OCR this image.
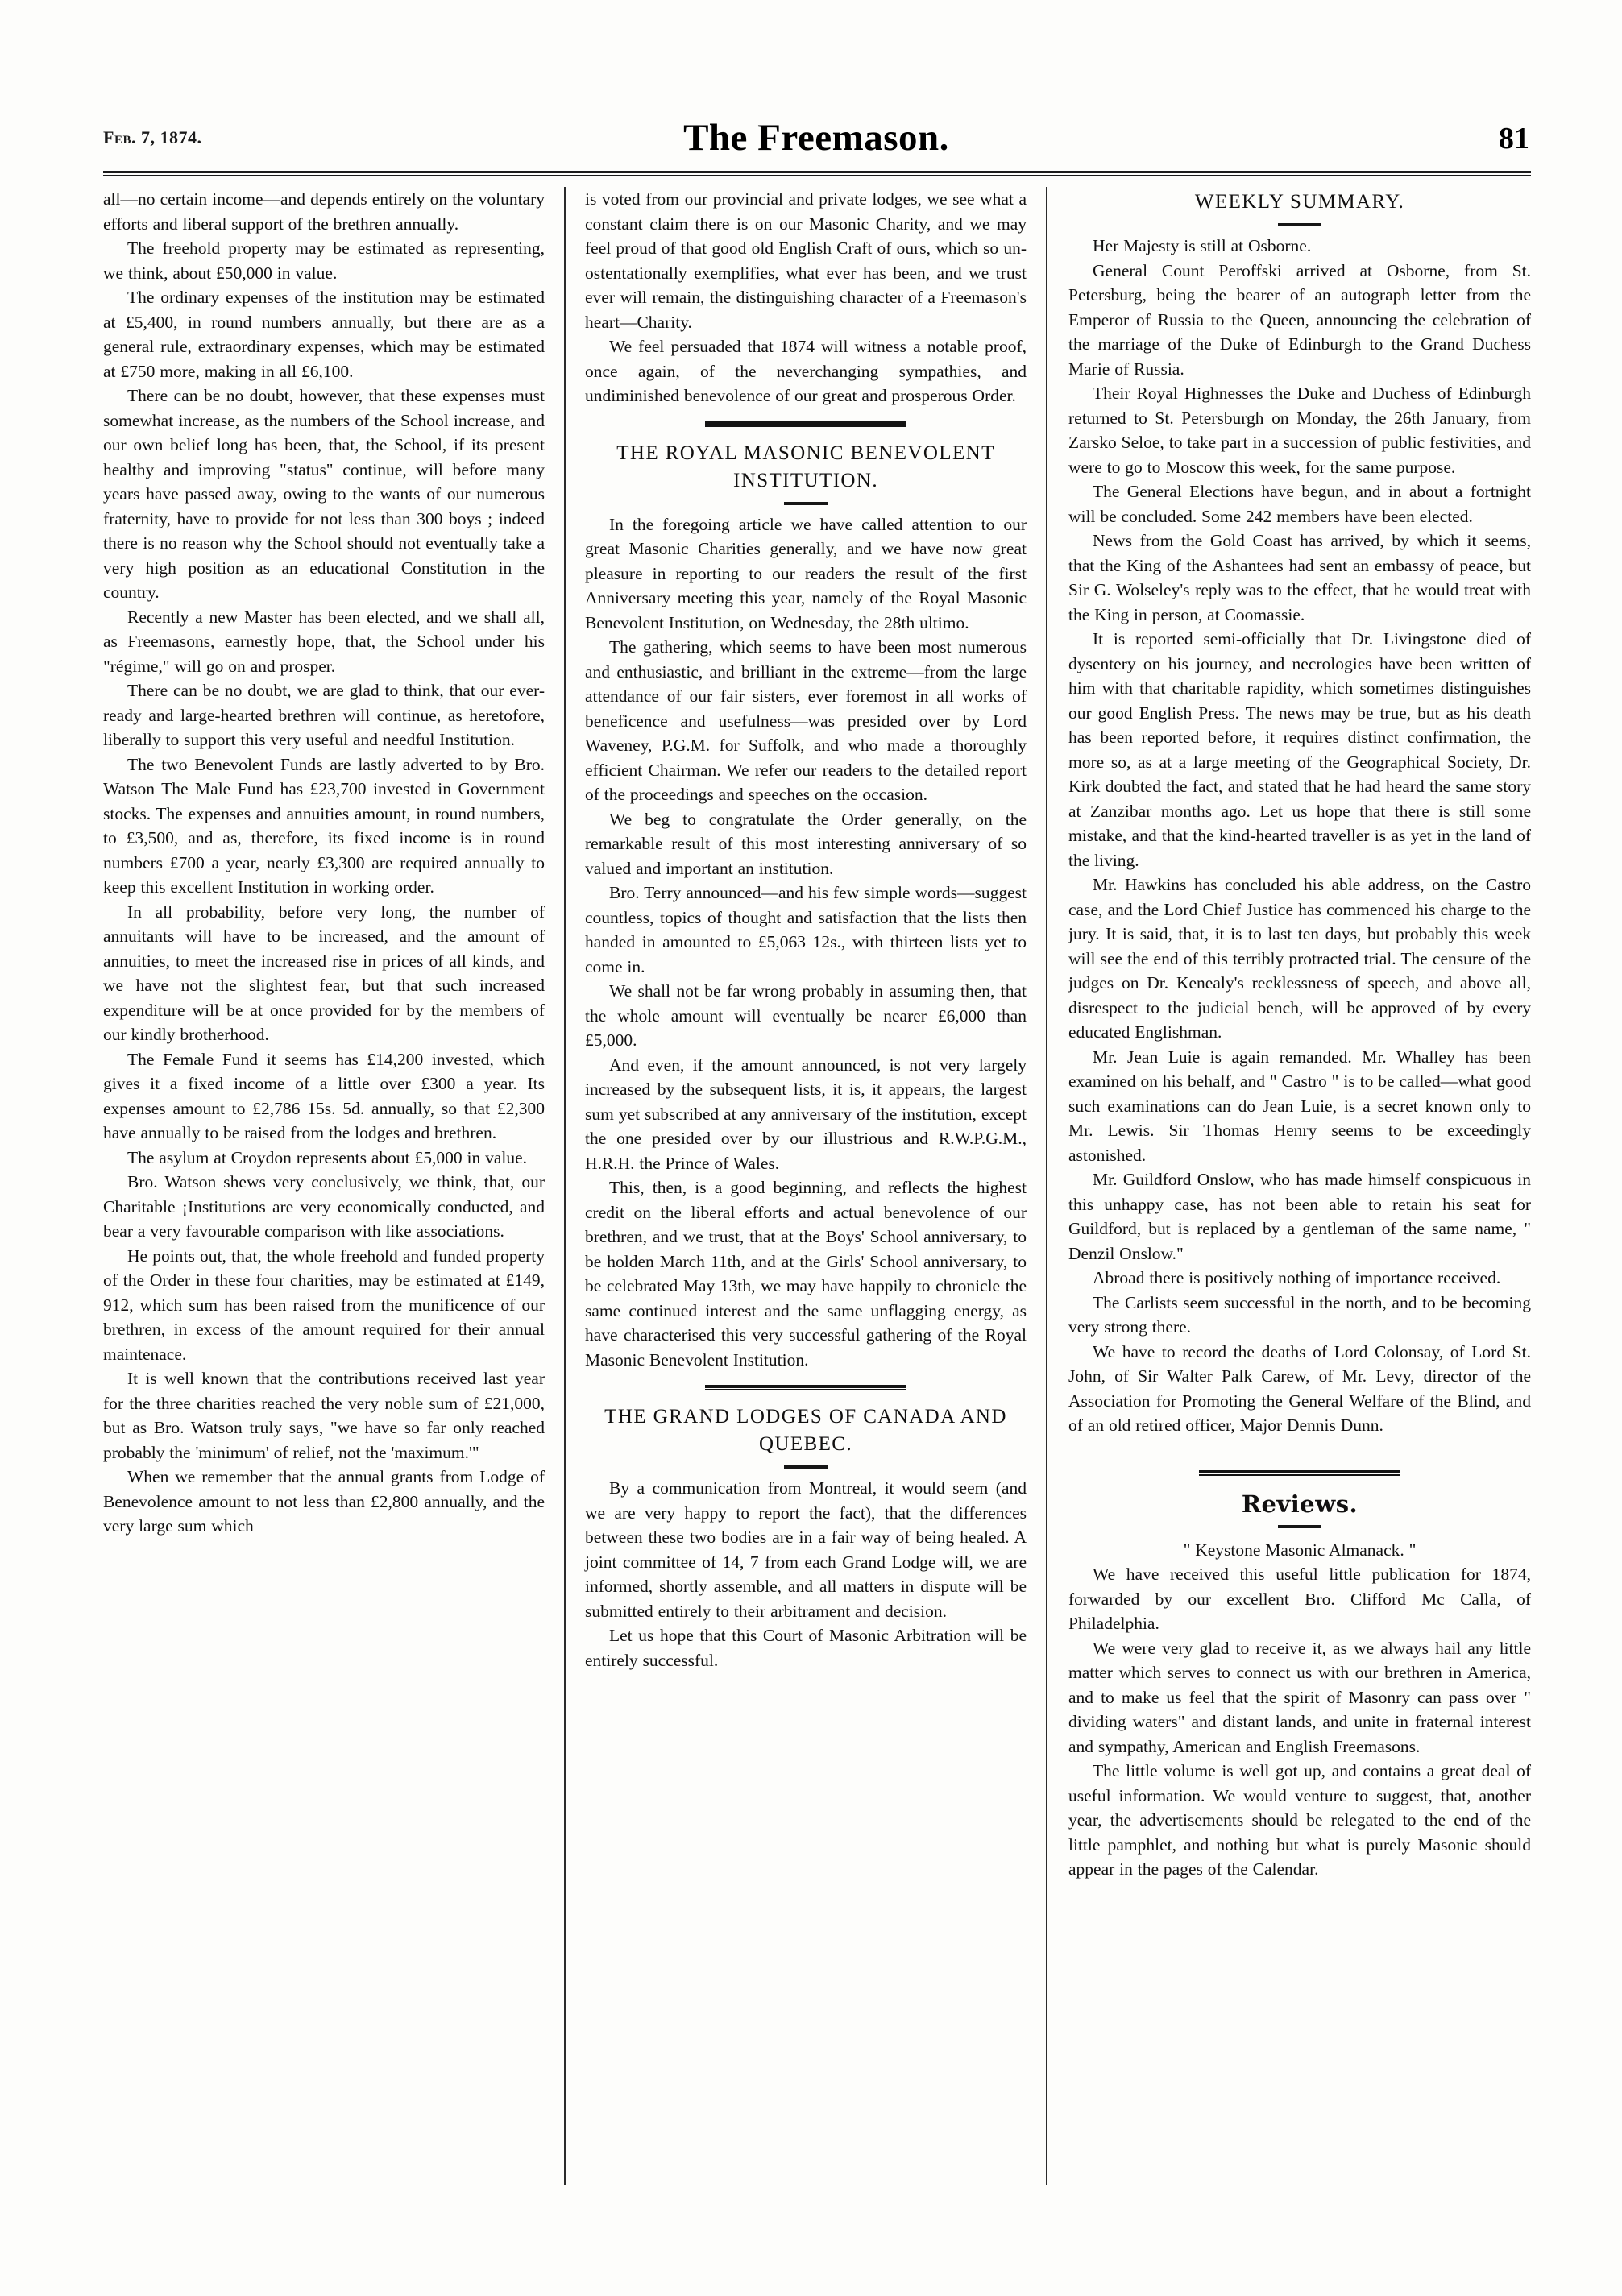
Feb. 7, 1874.	The Freemason.	81

all—no certain income—and depends entirely on the voluntary efforts and liberal support of the brethren annually.

The freehold property may be estimated as representing, we think, about £50,000 in value.

The ordinary expenses of the institution may be estimated at £5,400, in round numbers annually, but there are as a general rule, extraordinary expenses, which may be estimated at £750 more, making in all £6,100.

There can be no doubt, however, that these expenses must somewhat increase, as the numbers of the School increase, and our own belief long has been, that, the School, if its present healthy and improving "status" continue, will before many years have passed away, owing to the wants of our numerous fraternity, have to provide for not less than 300 boys ; indeed there is no reason why the School should not eventually take a very high position as an educational Constitution in the country.

Recently a new Master has been elected, and we shall all, as Freemasons, earnestly hope, that, the School under his "régime," will go on and prosper.

There can be no doubt, we are glad to think, that our ever-ready and large-hearted brethren will continue, as heretofore, liberally to support this very useful and needful Institution.

The two Benevolent Funds are lastly adverted to by Bro. Watson The Male Fund has £23,700 invested in Government stocks. The expenses and annuities amount, in round numbers, to £3,500, and as, therefore, its fixed income is in round numbers £700 a year, nearly £3,300 are required annually to keep this excellent Institution in working order.

In all probability, before very long, the number of annuitants will have to be increased, and the amount of annuities, to meet the increased rise in prices of all kinds, and we have not the slightest fear, but that such increased expenditure will be at once provided for by the members of our kindly brotherhood.

The Female Fund it seems has £14,200 invested, which gives it a fixed income of a little over £300 a year. Its expenses amount to £2,786 15s. 5d. annually, so that £2,300 have annually to be raised from the lodges and brethren.

The asylum at Croydon represents about £5,000 in value.

Bro. Watson shews very conclusively, we think, that, our Charitable ¡Institutions are very economically conducted, and bear a very favourable comparison with like associations.

He points out, that, the whole freehold and funded property of the Order in these four charities, may be estimated at £149, 912, which sum has been raised from the munificence of our brethren, in excess of the amount required for their annual maintenace.

It is well known that the contributions received last year for the three charities reached the very noble sum of £21,000, but as Bro. Watson truly says, "we have so far only reached probably the 'minimum' of relief, not the 'maximum.'"

When we remember that the annual grants from Lodge of Benevolence amount to not less than £2,800 annually, and the very large sum which

is voted from our provincial and private lodges, we see what a constant claim there is on our Masonic Charity, and we may feel proud of that good old English Craft of ours, which so un-ostentationally exemplifies, what ever has been, and we trust ever will remain, the distinguishing character of a Freemason's heart—Charity.

We feel persuaded that 1874 will witness a notable proof, once again, of the neverchanging sympathies, and undiminished benevolence of our great and prosperous Order.

THE ROYAL MASONIC BENEVOLENT INSTITUTION.

In the foregoing article we have called attention to our great Masonic Charities generally, and we have now great pleasure in reporting to our readers the result of the first Anniversary meeting this year, namely of the Royal Masonic Benevolent Institution, on Wednesday, the 28th ultimo.

The gathering, which seems to have been most numerous and enthusiastic, and brilliant in the extreme—from the large attendance of our fair sisters, ever foremost in all works of beneficence and usefulness—was presided over by Lord Waveney, P.G.M. for Suffolk, and who made a thoroughly efficient Chairman. We refer our readers to the detailed report of the proceedings and speeches on the occasion.

We beg to congratulate the Order generally, on the remarkable result of this most interesting anniversary of so valued and important an institution.

Bro. Terry announced—and his few simple words—suggest countless, topics of thought and satisfaction that the lists then handed in amounted to £5,063 12s., with thirteen lists yet to come in.

We shall not be far wrong probably in assuming then, that the whole amount will eventually be nearer £6,000 than £5,000.

And even, if the amount announced, is not very largely increased by the subsequent lists, it is, it appears, the largest sum yet subscribed at any anniversary of the institution, except the one presided over by our illustrious and R.W.P.G.M., H.R.H. the Prince of Wales.

This, then, is a good beginning, and reflects the highest credit on the liberal efforts and actual benevolence of our brethren, and we trust, that at the Boys' School anniversary, to be holden March 11th, and at the Girls' School anniversary, to be celebrated May 13th, we may have happily to chronicle the same continued interest and the same unflagging energy, as have characterised this very successful gathering of the Royal Masonic Benevolent Institution.

THE GRAND LODGES OF CANADA AND QUEBEC.

By a communication from Montreal, it would seem (and we are very happy to report the fact), that the differences between these two bodies are in a fair way of being healed. A joint committee of 14, 7 from each Grand Lodge will, we are informed, shortly assemble, and all matters in dispute will be submitted entirely to their arbitrament and decision.

Let us hope that this Court of Masonic Arbitration will be entirely successful.

WEEKLY SUMMARY.

Her Majesty is still at Osborne.

General Count Peroffski arrived at Osborne, from St. Petersburg, being the bearer of an autograph letter from the Emperor of Russia to the Queen, announcing the celebration of the marriage of the Duke of Edinburgh to the Grand Duchess Marie of Russia.

Their Royal Highnesses the Duke and Duchess of Edinburgh returned to St. Petersburgh on Monday, the 26th January, from Zarsko Seloe, to take part in a succession of public festivities, and were to go to Moscow this week, for the same purpose.

The General Elections have begun, and in about a fortnight will be concluded. Some 242 members have been elected.

News from the Gold Coast has arrived, by which it seems, that the King of the Ashantees had sent an embassy of peace, but Sir G. Wolseley's reply was to the effect, that he would treat with the King in person, at Coomassie.

It is reported semi-officially that Dr. Livingstone died of dysentery on his journey, and necrologies have been written of him with that charitable rapidity, which sometimes distinguishes our good English Press. The news may be true, but as his death has been reported before, it requires distinct confirmation, the more so, as at a large meeting of the Geographical Society, Dr. Kirk doubted the fact, and stated that he had heard the same story at Zanzibar months ago. Let us hope that there is still some mistake, and that the kind-hearted traveller is as yet in the land of the living.

Mr. Hawkins has concluded his able address, on the Castro case, and the Lord Chief Justice has commenced his charge to the jury. It is said, that, it is to last ten days, but probably this week will see the end of this terribly protracted trial. The censure of the judges on Dr. Kenealy's recklessness of speech, and above all, disrespect to the judicial bench, will be approved of by every educated Englishman.

Mr. Jean Luie is again remanded. Mr. Whalley has been examined on his behalf, and " Castro " is to be called—what good such examinations can do Jean Luie, is a secret known only to Mr. Lewis. Sir Thomas Henry seems to be exceedingly astonished.

Mr. Guildford Onslow, who has made himself conspicuous in this unhappy case, has not been able to retain his seat for Guildford, but is replaced by a gentleman of the same name, " Denzil Onslow."

Abroad there is positively nothing of importance received.

The Carlists seem successful in the north, and to be becoming very strong there.

We have to record the deaths of Lord Colonsay, of Lord St. John, of Sir Walter Palk Carew, of Mr. Levy, director of the Association for Promoting the General Welfare of the Blind, and of an old retired officer, Major Dennis Dunn.

Reviews.

" Keystone Masonic Almanack. "

We have received this useful little publication for 1874, forwarded by our excellent Bro. Clifford Mc Calla, of Philadelphia.

We were very glad to receive it, as we always hail any little matter which serves to connect us with our brethren in America, and to make us feel that the spirit of Masonry can pass over " dividing waters" and distant lands, and unite in fraternal interest and sympathy, American and English Freemasons.

The little volume is well got up, and contains a great deal of useful information. We would venture to suggest, that, another year, the advertisements should be relegated to the end of the little pamphlet, and nothing but what is purely Masonic should appear in the pages of the Calendar.
